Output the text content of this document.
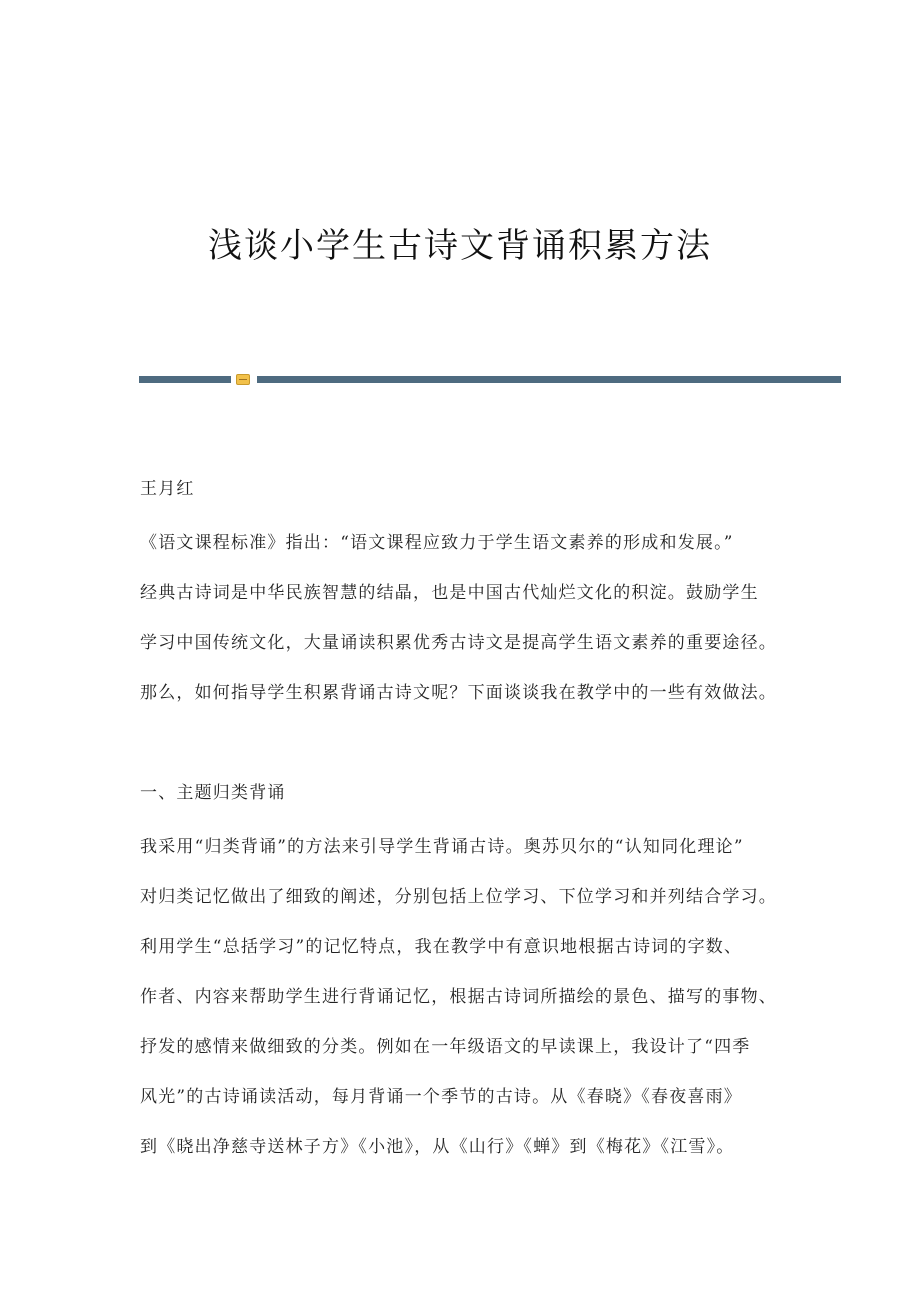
浅谈小学生古诗文背诵积累方法
王月红
《语文课程标准》指出：“语文课程应致力于学生语文素养的形成和发展。”
经典古诗词是中华民族智慧的结晶，也是中国古代灿烂文化的积淀。鼓励学生
学习中国传统文化，大量诵读积累优秀古诗文是提高学生语文素养的重要途径。
那么，如何指导学生积累背诵古诗文呢？下面谈谈我在教学中的一些有效做法。
一、主题归类背诵
我采用“归类背诵”的方法来引导学生背诵古诗。奥苏贝尔的“认知同化理论”
对归类记忆做出了细致的阐述，分别包括上位学习、下位学习和并列结合学习。
利用学生“总括学习”的记忆特点，我在教学中有意识地根据古诗词的字数、
作者、内容来帮助学生进行背诵记忆，根据古诗词所描绘的景色、描写的事物、
抒发的感情来做细致的分类。例如在一年级语文的早读课上，我设计了“四季
风光”的古诗诵读活动，每月背诵一个季节的古诗。从《春晓》《春夜喜雨》
到《晓出净慈寺送林子方》《小池》，从《山行》《蝉》到《梅花》《江雪》。
